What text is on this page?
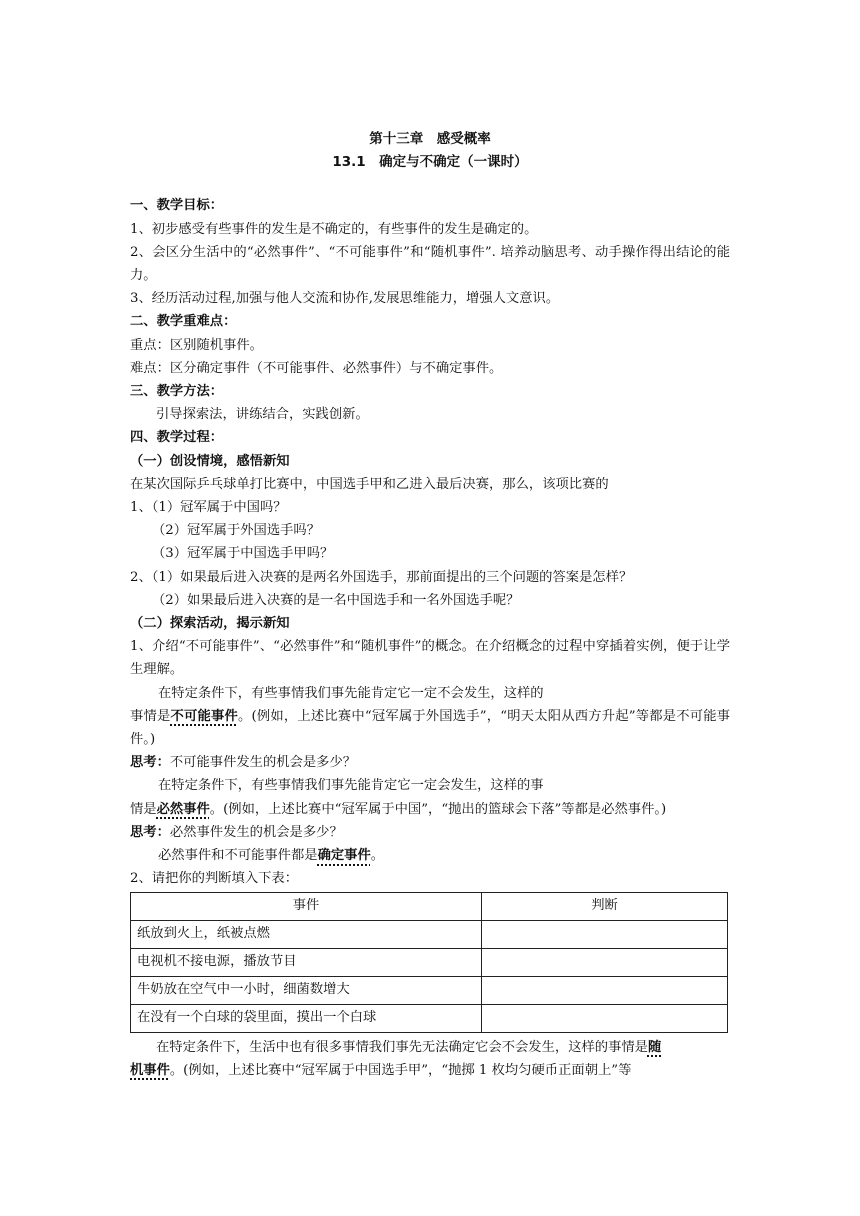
第十三章　感受概率
13.1　确定与不确定（一课时）
一、教学目标：
1、初步感受有些事件的发生是不确定的，有些事件的发生是确定的。
2、会区分生活中的“必然事件”、“不可能事件”和“随机事件”. 培养动脑思考、动手操作得出结论的能力。
3、经历活动过程,加强与他人交流和协作,发展思维能力，增强人文意识。
二、教学重难点：
重点：区别随机事件。
难点：区分确定事件（不可能事件、必然事件）与不确定事件。
三、教学方法：
引导探索法，讲练结合，实践创新。
四、教学过程：
（一）创设情境，感悟新知
在某次国际乒乓球单打比赛中，中国选手甲和乙进入最后决赛，那么，该项比赛的
1、（1）冠军属于中国吗？
（2）冠军属于外国选手吗？
（3）冠军属于中国选手甲吗？
2、（1）如果最后进入决赛的是两名外国选手，那前面提出的三个问题的答案是怎样？
（2）如果最后进入决赛的是一名中国选手和一名外国选手呢？
（二）探索活动，揭示新知
1、介绍“不可能事件”、“必然事件”和“随机事件”的概念。在介绍概念的过程中穿插着实例，便于让学生理解。
在特定条件下，有些事情我们事先能肯定它一定不会发生，这样的
事情是不可能事件。(例如，上述比赛中“冠军属于外国选手”，“明天太阳从西方升起”等都是不可能事件。)
思考：不可能事件发生的机会是多少？
在特定条件下，有些事情我们事先能肯定它一定会发生，这样的事
情是必然事件。(例如，上述比赛中“冠军属于中国”，“抛出的篮球会下落”等都是必然事件。)
思考：必然事件发生的机会是多少？
必然事件和不可能事件都是确定事件。
2、请把你的判断填入下表：
事件	判断
纸放到火上，纸被点燃	
电视机不接电源，播放节目	
牛奶放在空气中一小时，细菌数增大	
在没有一个白球的袋里面，摸出一个白球	
在特定条件下，生活中也有很多事情我们事先无法确定它会不会发生，这样的事情是随
机事件。(例如，上述比赛中“冠军属于中国选手甲”，“抛掷 1 枚均匀硬币正面朝上”等
